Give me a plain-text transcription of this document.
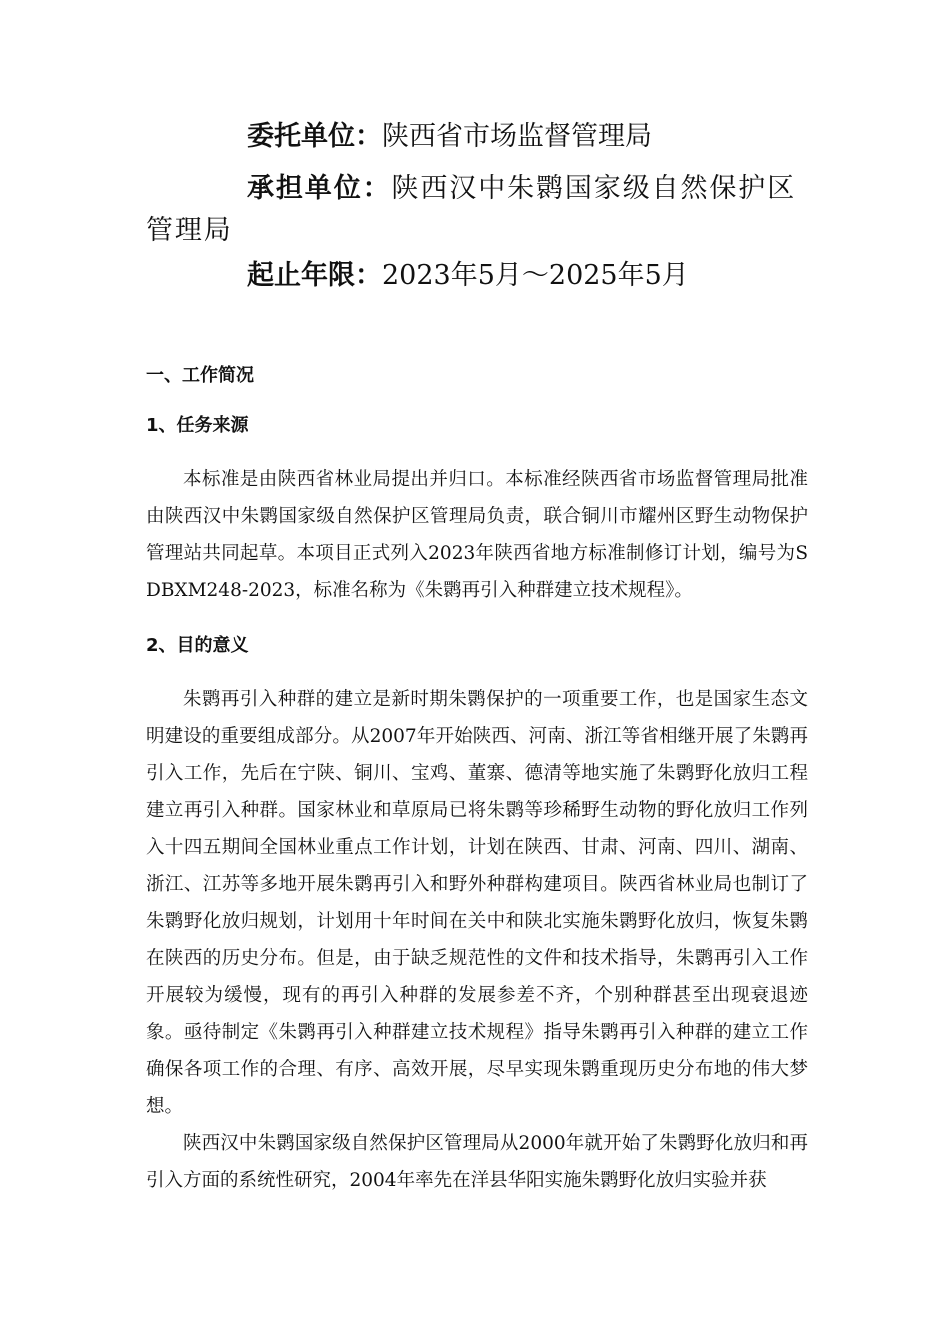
委托单位：陕西省市场监督管理局

承担单位：陕西汉中朱鹮国家级自然保护区管理局

起止年限：2023年5月～2025年5月

一、工作简况
1、任务来源

本标准是由陕西省林业局提出并归口。本标准经陕西省市场监督管理局批准由陕西汉中朱鹮国家级自然保护区管理局负责，联合铜川市耀州区野生动物保护管理站共同起草。本项目正式列入2023年陕西省地方标准制修订计划，编号为SDBXM248-2023，标准名称为《朱鹮再引入种群建立技术规程》。

2、目的意义

朱鹮再引入种群的建立是新时期朱鹮保护的一项重要工作，也是国家生态文明建设的重要组成部分。从2007年开始陕西、河南、浙江等省相继开展了朱鹮再引入工作，先后在宁陕、铜川、宝鸡、董寨、德清等地实施了朱鹮野化放归工程建立再引入种群。国家林业和草原局已将朱鹮等珍稀野生动物的野化放归工作列入十四五期间全国林业重点工作计划，计划在陕西、甘肃、河南、四川、湖南、浙江、江苏等多地开展朱鹮再引入和野外种群构建项目。陕西省林业局也制订了朱鹮野化放归规划，计划用十年时间在关中和陕北实施朱鹮野化放归，恢复朱鹮在陕西的历史分布。但是，由于缺乏规范性的文件和技术指导，朱鹮再引入工作开展较为缓慢，现有的再引入种群的发展参差不齐，个别种群甚至出现衰退迹象。亟待制定《朱鹮再引入种群建立技术规程》指导朱鹮再引入种群的建立工作确保各项工作的合理、有序、高效开展，尽早实现朱鹮重现历史分布地的伟大梦想。

陕西汉中朱鹮国家级自然保护区管理局从2000年就开始了朱鹮野化放归和再引入方面的系统性研究，2004年率先在洋县华阳实施朱鹮野化放归实验并获
